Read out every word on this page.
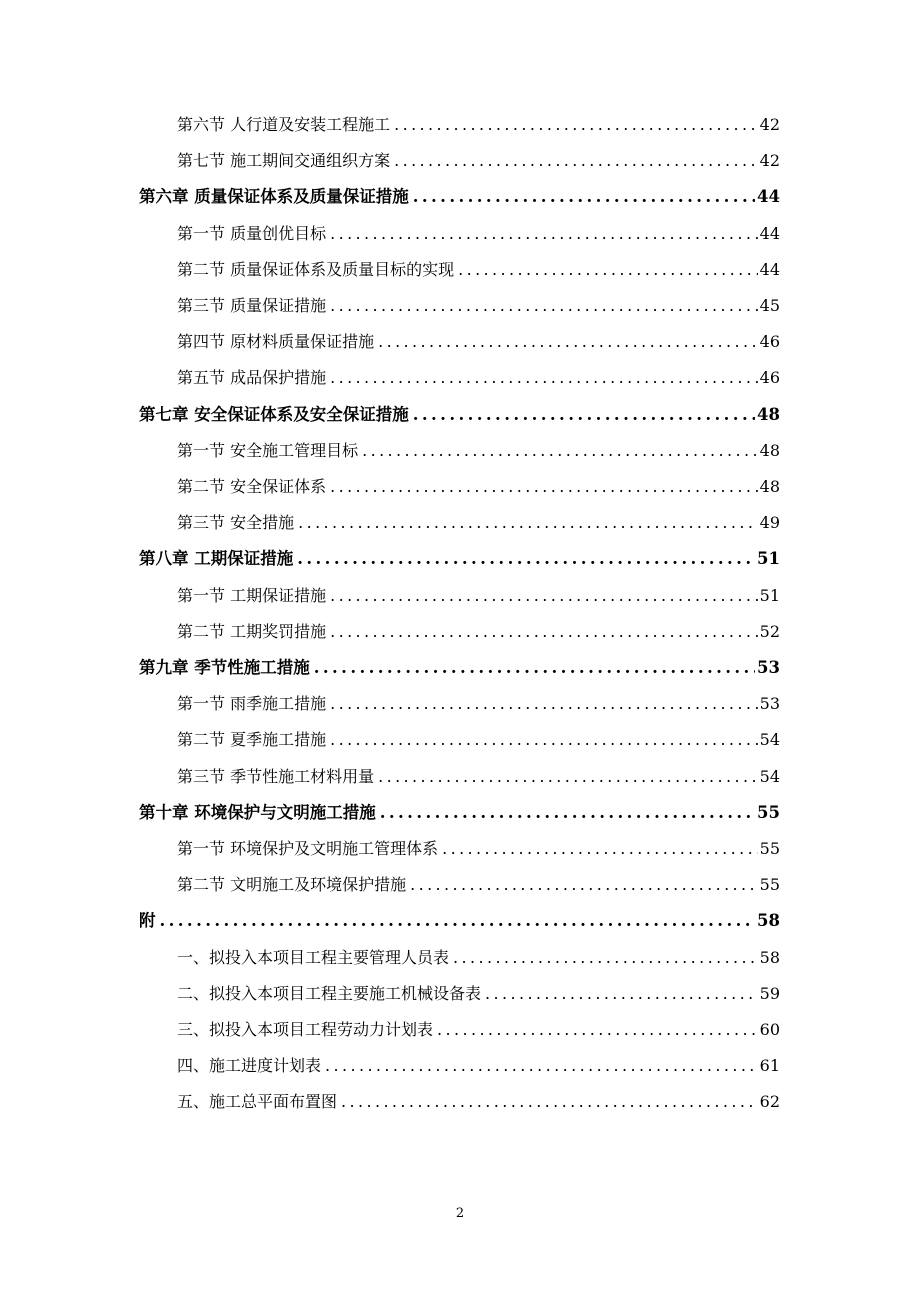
第六节 人行道及安装工程施工 .....	42
第七节 施工期间交通组织方案 .....	42
第六章 质量保证体系及质量保证措施 .....	44
第一节 质量创优目标 .....	44
第二节 质量保证体系及质量目标的实现 .....	44
第三节 质量保证措施 .....	45
第四节 原材料质量保证措施 .....	46
第五节 成品保护措施 .....	46
第七章 安全保证体系及安全保证措施 .....	48
第一节 安全施工管理目标 .....	48
第二节 安全保证体系 .....	48
第三节 安全措施 .....	49
第八章 工期保证措施 .....	51
第一节 工期保证措施 .....	51
第二节 工期奖罚措施 .....	52
第九章 季节性施工措施 .....	53
第一节 雨季施工措施 .....	53
第二节 夏季施工措施 .....	54
第三节 季节性施工材料用量 .....	54
第十章 环境保护与文明施工措施 .....	55
第一节 环境保护及文明施工管理体系 .....	55
第二节 文明施工及环境保护措施 .....	55
附 .....	58
一、拟投入本项目工程主要管理人员表 .....	58
二、拟投入本项目工程主要施工机械设备表 .....	59
三、拟投入本项目工程劳动力计划表 .....	60
四、施工进度计划表 .....	61
五、施工总平面布置图 .....	62
2
